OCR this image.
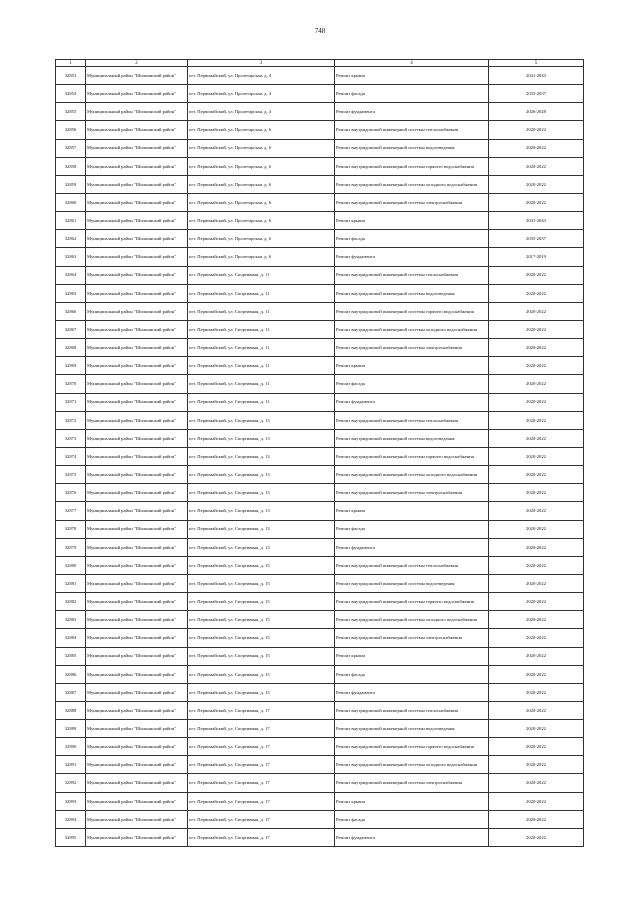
748
1	2	3	4	5
32853	Муниципальный район "Шилкинский район"	пгт. Первомайский, ул. Пролетарская, д. 4	Ремонт крыши	2041-2043
32854	Муниципальный район "Шилкинский район"	пгт. Первомайский, ул. Пролетарская, д. 4	Ремонт фасада	2035-2037
32855	Муниципальный район "Шилкинский район"	пгт. Первомайский, ул. Пролетарская, д. 4	Ремонт фундамента	2026-2028
32856	Муниципальный район "Шилкинский район"	пгт. Первомайский, ул. Пролетарская, д. 6	Ремонт внутридомовой инженерной системы теплоснабжения	2020-2022
32857	Муниципальный район "Шилкинский район"	пгт. Первомайский, ул. Пролетарская, д. 6	Ремонт внутридомовой инженерной системы водоотведения	2020-2022
32858	Муниципальный район "Шилкинский район"	пгт. Первомайский, ул. Пролетарская, д. 6	Ремонт внутридомовой инженерной системы горячего водоснабжения	2020-2022
32859	Муниципальный район "Шилкинский район"	пгт. Первомайский, ул. Пролетарская, д. 6	Ремонт внутридомовой инженерной системы холодного водоснабжения	2020-2022
32860	Муниципальный район "Шилкинский район"	пгт. Первомайский, ул. Пролетарская, д. 6	Ремонт внутридомовой инженерной системы электроснабжения	2020-2022
32861	Муниципальный район "Шилкинский район"	пгт. Первомайский, ул. Пролетарская, д. 6	Ремонт крыши	2041-2043
32862	Муниципальный район "Шилкинский район"	пгт. Первомайский, ул. Пролетарская, д. 6	Ремонт фасада	2035-2037
32863	Муниципальный район "Шилкинский район"	пгт. Первомайский, ул. Пролетарская, д. 6	Ремонт фундамента	2017-2019
32864	Муниципальный район "Шилкинский район"	пгт. Первомайский, ул. Спортивная, д. 11	Ремонт внутридомовой инженерной системы теплоснабжения	2020-2022
32865	Муниципальный район "Шилкинский район"	пгт. Первомайский, ул. Спортивная, д. 11	Ремонт внутридомовой инженерной системы водоотведения	2020-2022
32866	Муниципальный район "Шилкинский район"	пгт. Первомайский, ул. Спортивная, д. 11	Ремонт внутридомовой инженерной системы горячего водоснабжения	2020-2022
32867	Муниципальный район "Шилкинский район"	пгт. Первомайский, ул. Спортивная, д. 11	Ремонт внутридомовой инженерной системы холодного водоснабжения	2020-2022
32868	Муниципальный район "Шилкинский район"	пгт. Первомайский, ул. Спортивная, д. 11	Ремонт внутридомовой инженерной системы электроснабжения	2020-2022
32869	Муниципальный район "Шилкинский район"	пгт. Первомайский, ул. Спортивная, д. 11	Ремонт крыши	2020-2022
32870	Муниципальный район "Шилкинский район"	пгт. Первомайский, ул. Спортивная, д. 11	Ремонт фасада	2020-2022
32871	Муниципальный район "Шилкинский район"	пгт. Первомайский, ул. Спортивная, д. 11	Ремонт фундамента	2020-2022
32872	Муниципальный район "Шилкинский район"	пгт. Первомайский, ул. Спортивная, д. 13	Ремонт внутридомовой инженерной системы теплоснабжения	2020-2022
32873	Муниципальный район "Шилкинский район"	пгт. Первомайский, ул. Спортивная, д. 13	Ремонт внутридомовой инженерной системы водоотведения	2020-2022
32874	Муниципальный район "Шилкинский район"	пгт. Первомайский, ул. Спортивная, д. 13	Ремонт внутридомовой инженерной системы горячего водоснабжения	2020-2022
32875	Муниципальный район "Шилкинский район"	пгт. Первомайский, ул. Спортивная, д. 13	Ремонт внутридомовой инженерной системы холодного водоснабжения	2020-2022
32876	Муниципальный район "Шилкинский район"	пгт. Первомайский, ул. Спортивная, д. 13	Ремонт внутридомовой инженерной системы электроснабжения	2020-2022
32877	Муниципальный район "Шилкинский район"	пгт. Первомайский, ул. Спортивная, д. 13	Ремонт крыши	2020-2022
32878	Муниципальный район "Шилкинский район"	пгт. Первомайский, ул. Спортивная, д. 13	Ремонт фасада	2020-2022
32879	Муниципальный район "Шилкинский район"	пгт. Первомайский, ул. Спортивная, д. 13	Ремонт фундамента	2020-2022
32880	Муниципальный район "Шилкинский район"	пгт. Первомайский, ул. Спортивная, д. 15	Ремонт внутридомовой инженерной системы теплоснабжения	2020-2022
32881	Муниципальный район "Шилкинский район"	пгт. Первомайский, ул. Спортивная, д. 15	Ремонт внутридомовой инженерной системы водоотведения	2020-2022
32882	Муниципальный район "Шилкинский район"	пгт. Первомайский, ул. Спортивная, д. 15	Ремонт внутридомовой инженерной системы горячего водоснабжения	2020-2022
32883	Муниципальный район "Шилкинский район"	пгт. Первомайский, ул. Спортивная, д. 15	Ремонт внутридомовой инженерной системы холодного водоснабжения	2020-2022
32884	Муниципальный район "Шилкинский район"	пгт. Первомайский, ул. Спортивная, д. 15	Ремонт внутридомовой инженерной системы электроснабжения	2020-2022
32885	Муниципальный район "Шилкинский район"	пгт. Первомайский, ул. Спортивная, д. 15	Ремонт крыши	2020-2022
32886	Муниципальный район "Шилкинский район"	пгт. Первомайский, ул. Спортивная, д. 15	Ремонт фасада	2020-2022
32887	Муниципальный район "Шилкинский район"	пгт. Первомайский, ул. Спортивная, д. 15	Ремонт фундамента	2020-2022
32888	Муниципальный район "Шилкинский район"	пгт. Первомайский, ул. Спортивная, д. 17	Ремонт внутридомовой инженерной системы теплоснабжения	2020-2022
32889	Муниципальный район "Шилкинский район"	пгт. Первомайский, ул. Спортивная, д. 17	Ремонт внутридомовой инженерной системы водоотведения	2020-2022
32890	Муниципальный район "Шилкинский район"	пгт. Первомайский, ул. Спортивная, д. 17	Ремонт внутридомовой инженерной системы горячего водоснабжения	2020-2022
32891	Муниципальный район "Шилкинский район"	пгт. Первомайский, ул. Спортивная, д. 17	Ремонт внутридомовой инженерной системы холодного водоснабжения	2020-2022
32892	Муниципальный район "Шилкинский район"	пгт. Первомайский, ул. Спортивная, д. 17	Ремонт внутридомовой инженерной системы электроснабжения	2020-2022
32893	Муниципальный район "Шилкинский район"	пгт. Первомайский, ул. Спортивная, д. 17	Ремонт крыши	2020-2022
32894	Муниципальный район "Шилкинский район"	пгт. Первомайский, ул. Спортивная, д. 17	Ремонт фасада	2020-2022
32895	Муниципальный район "Шилкинский район"	пгт. Первомайский, ул. Спортивная, д. 17	Ремонт фундамента	2020-2022
